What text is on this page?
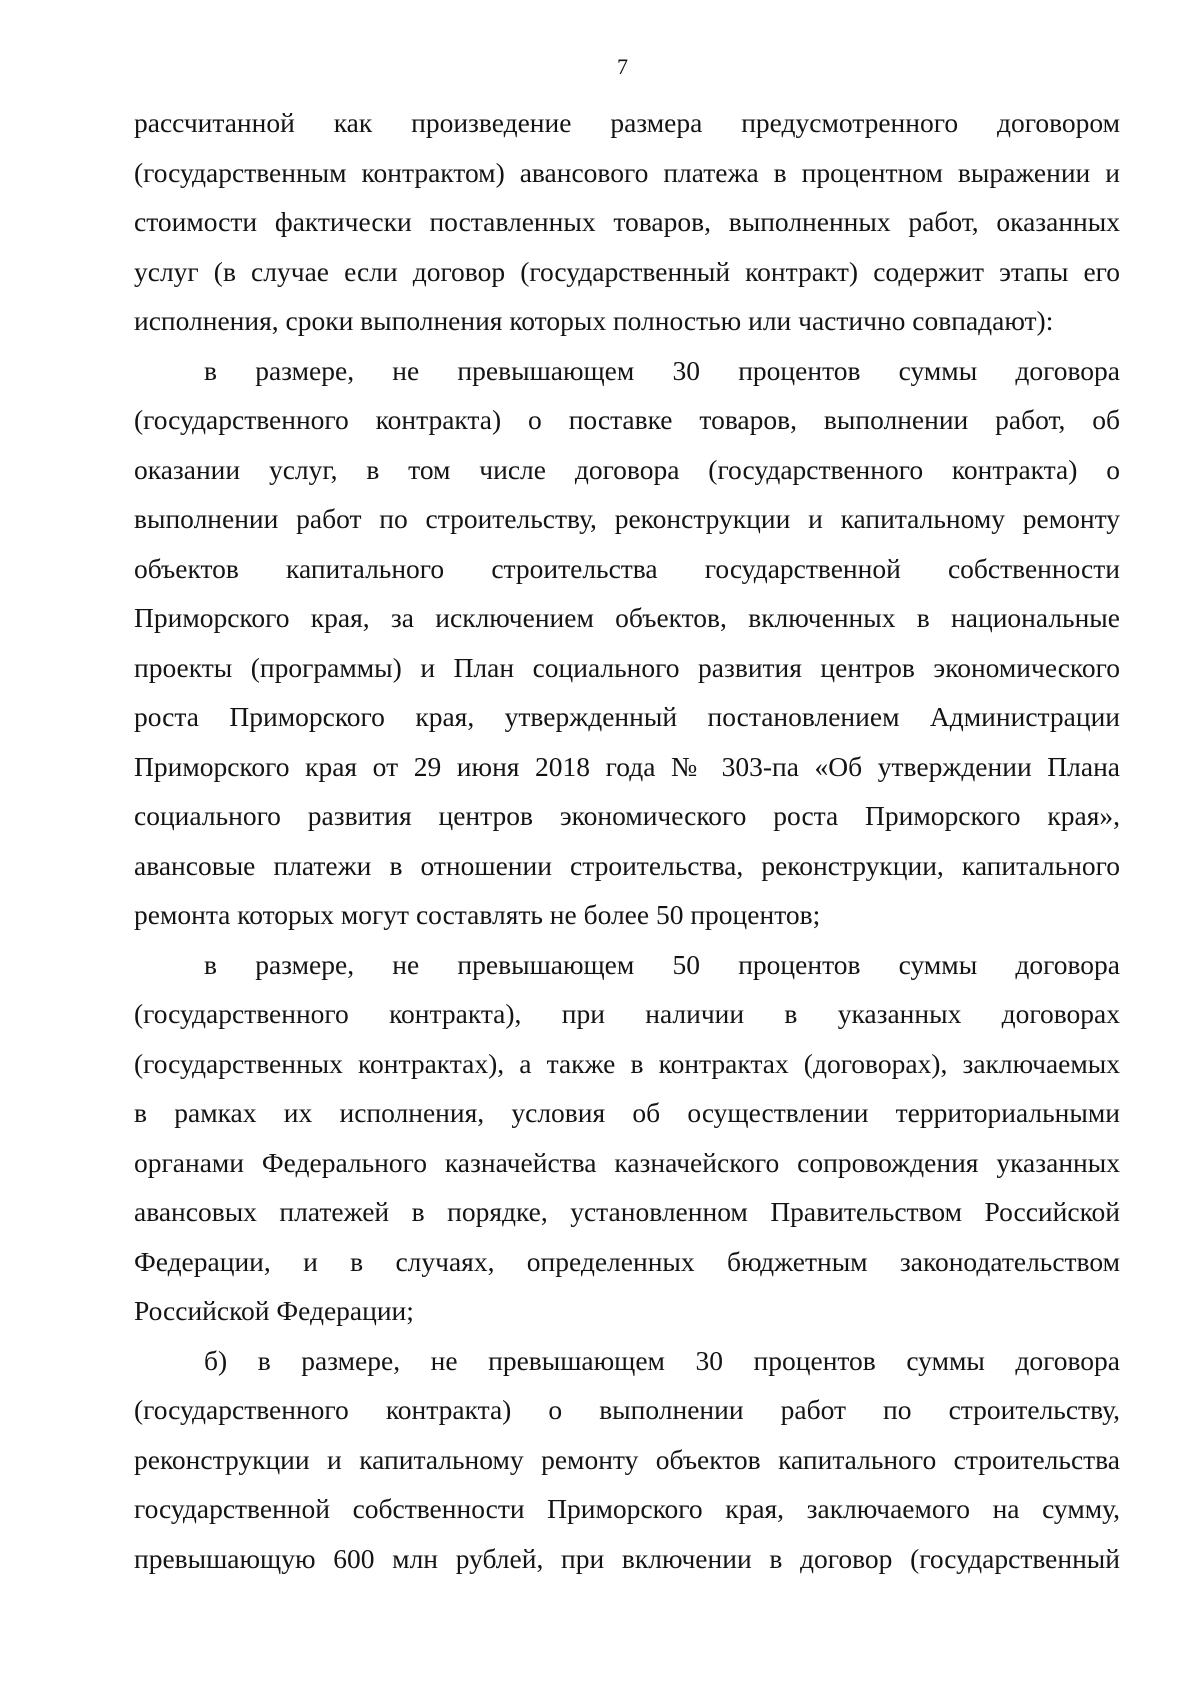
7
рассчитанной как произведение размера предусмотренного договором
(государственным контрактом) авансового платежа в процентном выражении и
стоимости фактически поставленных товаров, выполненных работ, оказанных
услуг (в случае если договор (государственный контракт) содержит этапы его
исполнения, сроки выполнения которых полностью или частично совпадают):
в размере, не превышающем 30 процентов суммы договора
(государственного контракта) о поставке товаров, выполнении работ, об
оказании услуг, в том числе договора (государственного контракта) о
выполнении работ по строительству, реконструкции и капитальному ремонту
объектов капитального строительства государственной собственности
Приморского края, за исключением объектов, включенных в национальные
проекты (программы) и План социального развития центров экономического
роста Приморского края, утвержденный постановлением Администрации
Приморского края от 29 июня 2018 года № 303-па «Об утверждении Плана
социального развития центров экономического роста Приморского края»,
авансовые платежи в отношении строительства, реконструкции, капитального
ремонта которых могут составлять не более 50 процентов;
в размере, не превышающем 50 процентов суммы договора
(государственного контракта), при наличии в указанных договорах
(государственных контрактах), а также в контрактах (договорах), заключаемых
в рамках их исполнения, условия об осуществлении территориальными
органами Федерального казначейства казначейского сопровождения указанных
авансовых платежей в порядке, установленном Правительством Российской
Федерации, и в случаях, определенных бюджетным законодательством
Российской Федерации;
б) в размере, не превышающем 30 процентов суммы договора
(государственного контракта) о выполнении работ по строительству,
реконструкции и капитальному ремонту объектов капитального строительства
государственной собственности Приморского края, заключаемого на сумму,
превышающую 600 млн рублей, при включении в договор (государственный
